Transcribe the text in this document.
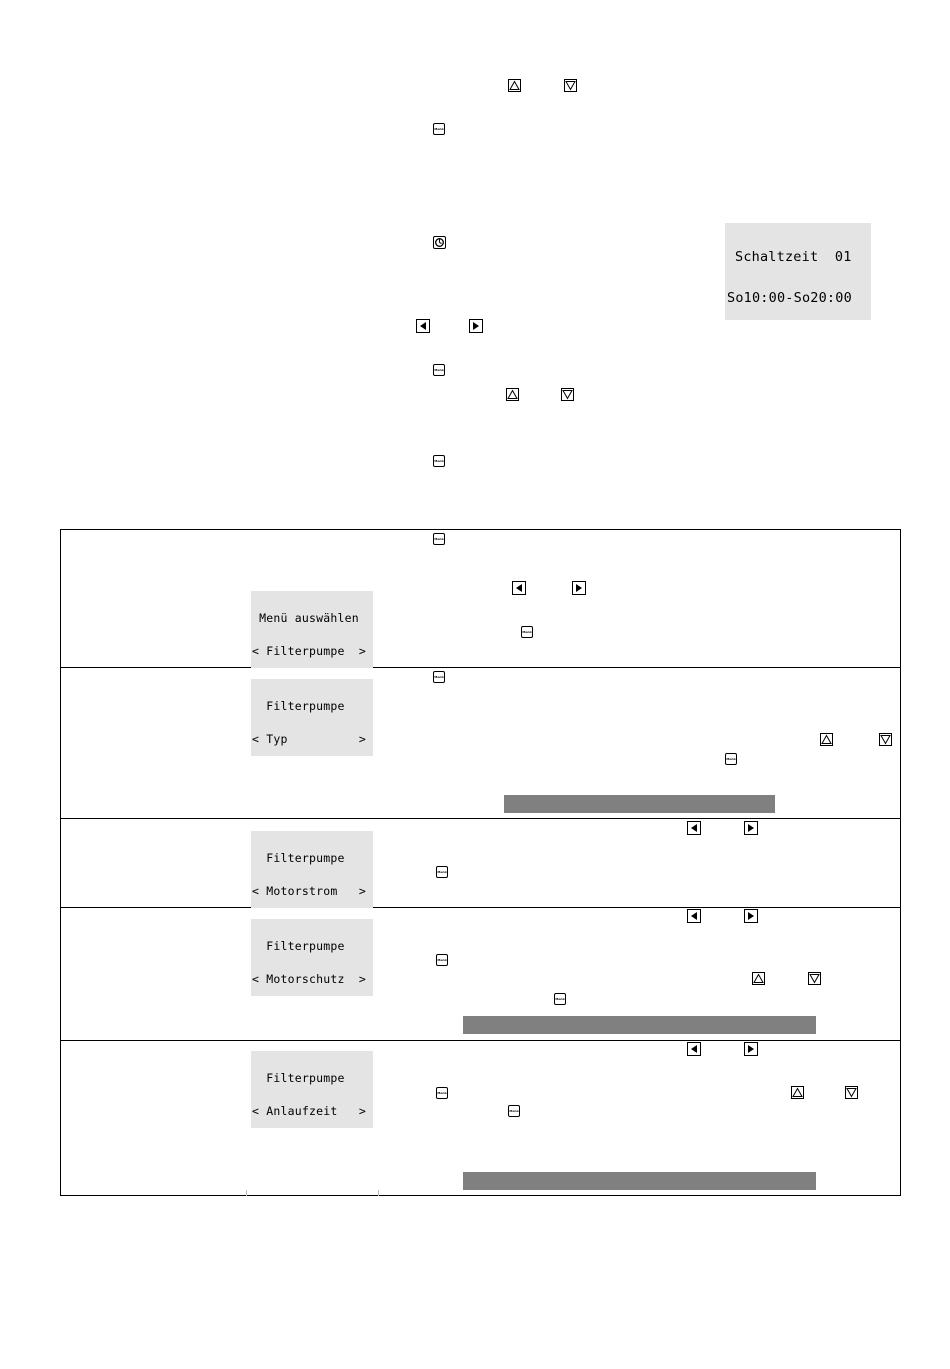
Menü

Schaltzeit  01

So10:00-So20:00

Menü
Menü
Menü

Menü auswählen

< Filterpumpe  >

Menü
Menü

Filterpumpe

< Typ          >

Menü

Filterpumpe

< Motorstrom   >

Menü

Filterpumpe

< Motorschutz  >

Menü
Menü

Filterpumpe

< Anlaufzeit   >

Menü
Menü
